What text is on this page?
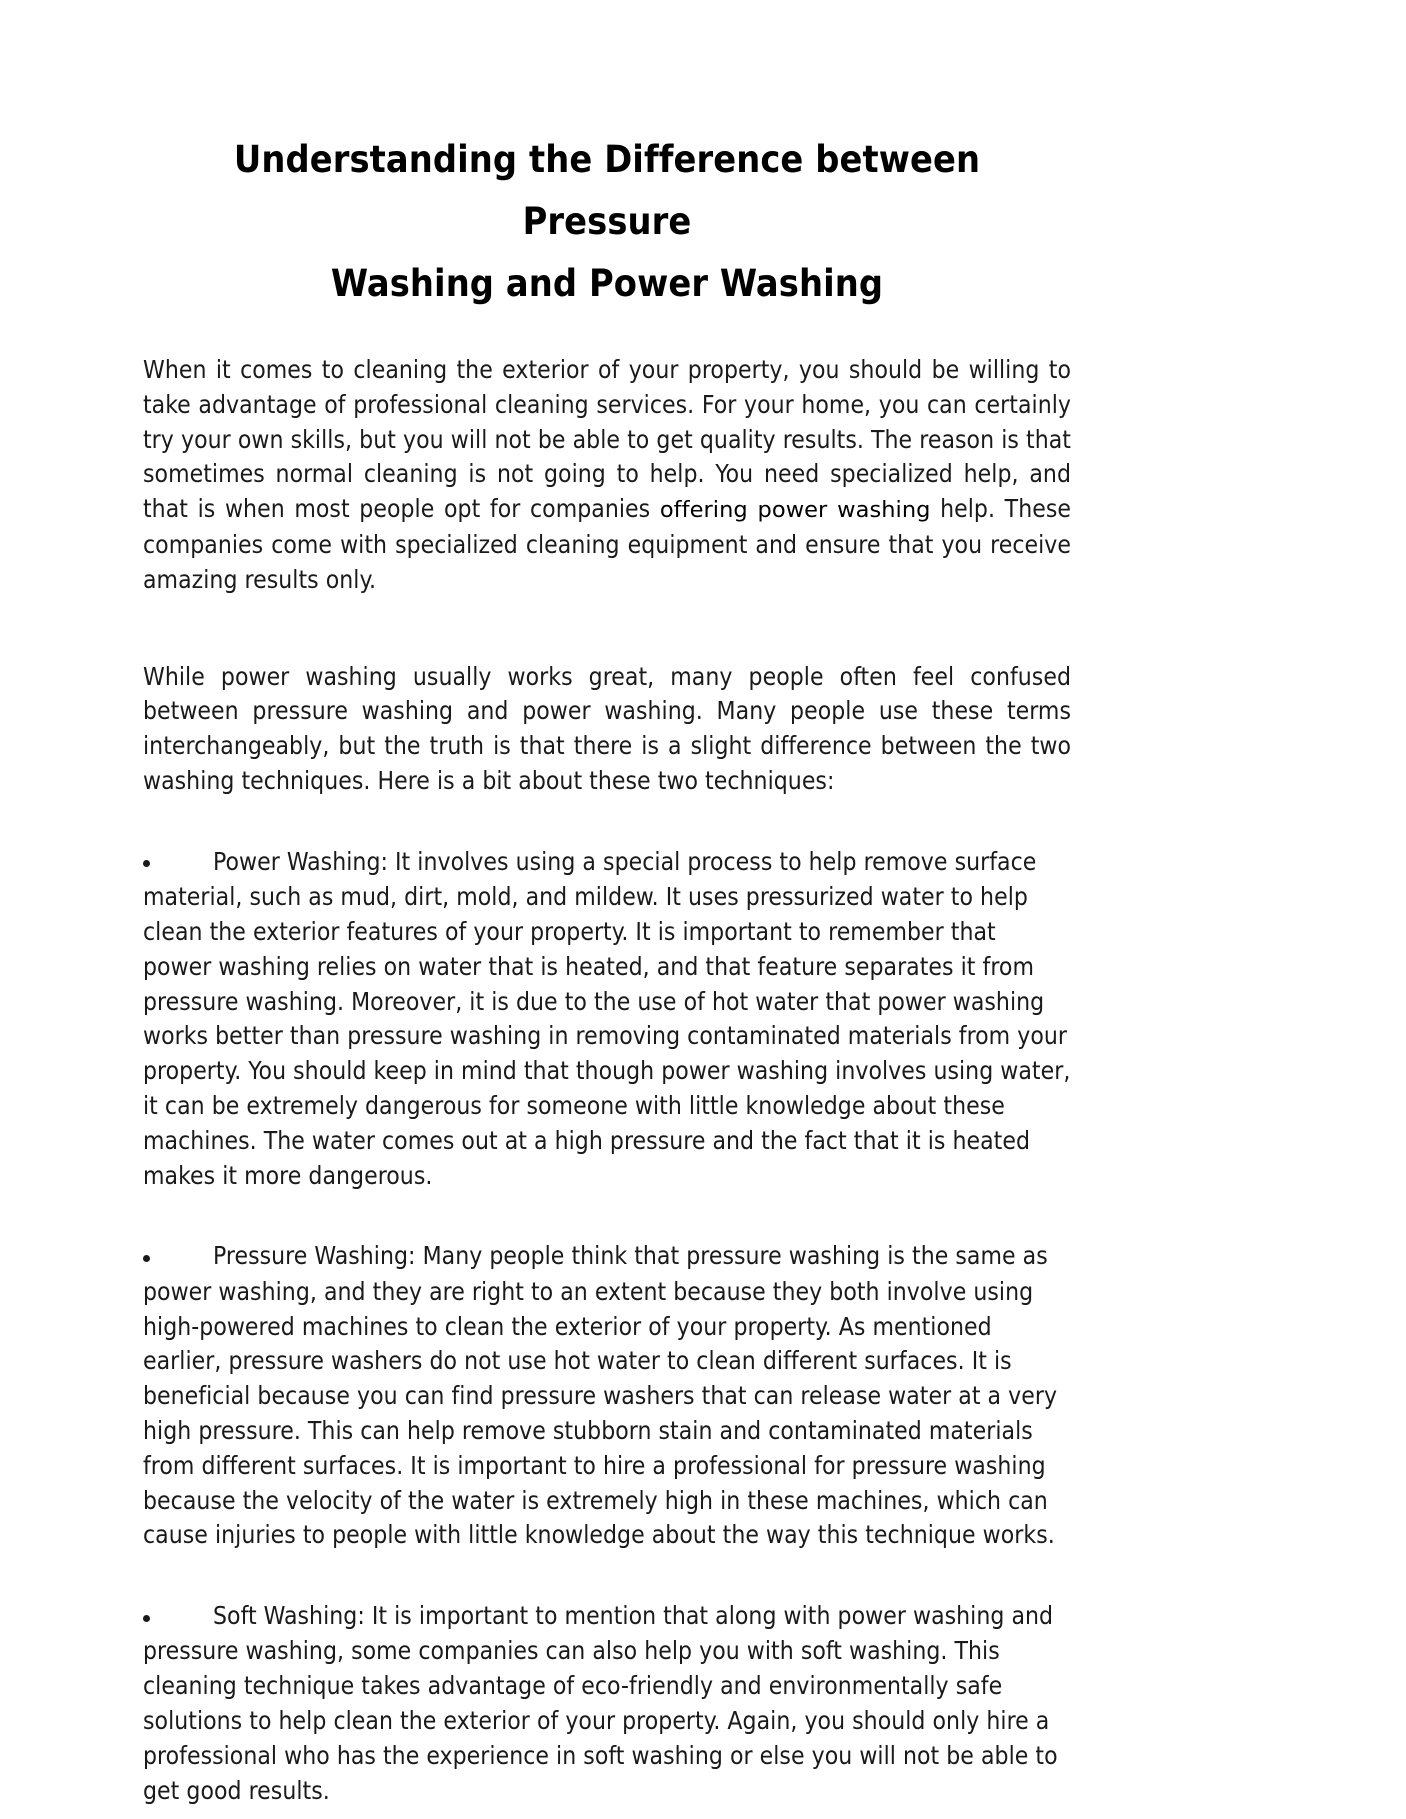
Understanding the Difference between Pressure
Washing and Power Washing

When it comes to cleaning the exterior of your property, you should be willing to take advantage of professional cleaning services. For your home, you can certainly try your own skills, but you will not be able to get quality results. The reason is that sometimes normal cleaning is not going to help. You need specialized help, and that is when most people opt for companies offering power washing help. These companies come with specialized cleaning equipment and ensure that you receive amazing results only.

While power washing usually works great, many people often feel confused between pressure washing and power washing. Many people use these terms interchangeably, but the truth is that there is a slight difference between the two washing techniques. Here is a bit about these two techniques:

Power Washing: It involves using a special process to help remove surface material, such as mud, dirt, mold, and mildew. It uses pressurized water to help clean the exterior features of your property. It is important to remember that power washing relies on water that is heated, and that feature separates it from pressure washing. Moreover, it is due to the use of hot water that power washing works better than pressure washing in removing contaminated materials from your property. You should keep in mind that though power washing involves using water, it can be extremely dangerous for someone with little knowledge about these machines. The water comes out at a high pressure and the fact that it is heated makes it more dangerous.

Pressure Washing: Many people think that pressure washing is the same as power washing, and they are right to an extent because they both involve using high-powered machines to clean the exterior of your property. As mentioned earlier, pressure washers do not use hot water to clean different surfaces. It is beneficial because you can find pressure washers that can release water at a very high pressure. This can help remove stubborn stain and contaminated materials from different surfaces. It is important to hire a professional for pressure washing because the velocity of the water is extremely high in these machines, which can cause injuries to people with little knowledge about the way this technique works.

Soft Washing: It is important to mention that along with power washing and pressure washing, some companies can also help you with soft washing. This cleaning technique takes advantage of eco-friendly and environmentally safe solutions to help clean the exterior of your property. Again, you should only hire a professional who has the experience in soft washing or else you will not be able to get good results.
